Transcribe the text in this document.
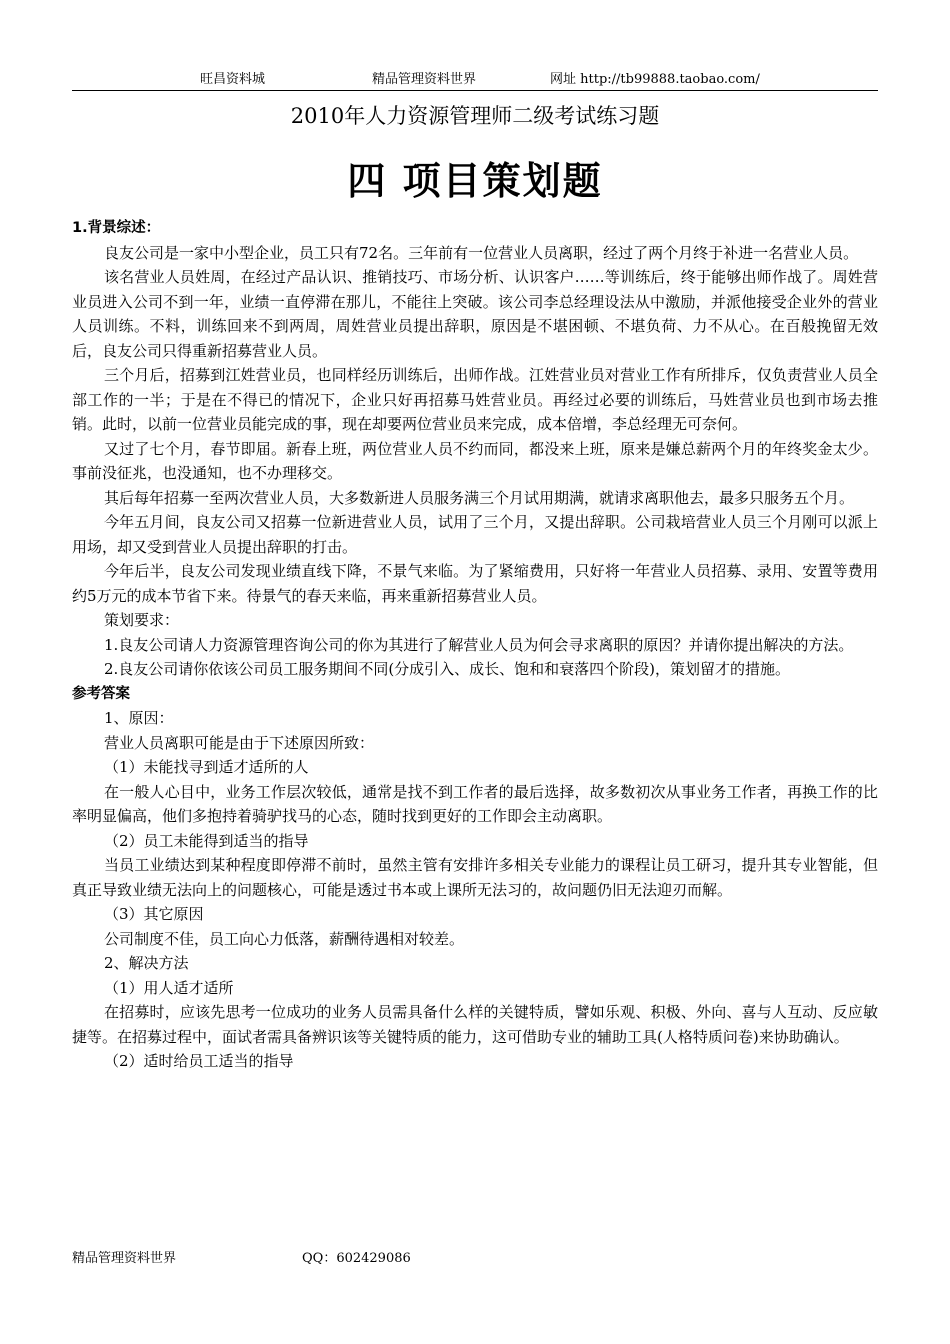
旺昌资料城	精品管理资料世界	网址 http://tb99888.taobao.com/
2010年人力资源管理师二级考试练习题
四 项目策划题

1.背景综述：

良友公司是一家中小型企业，员工只有72名。三年前有一位营业人员离职，经过了两个月终于补进一名营业人员。

该名营业人员姓周，在经过产品认识、推销技巧、市场分析、认识客户……等训练后，终于能够出师作战了。周姓营业员进入公司不到一年，业绩一直停滞在那儿，不能往上突破。该公司李总经理设法从中激励，并派他接受企业外的营业人员训练。不料，训练回来不到两周，周姓营业员提出辞职，原因是不堪困顿、不堪负荷、力不从心。在百般挽留无效后，良友公司只得重新招募营业人员。

三个月后，招募到江姓营业员，也同样经历训练后，出师作战。江姓营业员对营业工作有所排斥，仅负责营业人员全部工作的一半；于是在不得已的情况下，企业只好再招募马姓营业员。再经过必要的训练后，马姓营业员也到市场去推销。此时，以前一位营业员能完成的事，现在却要两位营业员来完成，成本倍增，李总经理无可奈何。

又过了七个月，春节即届。新春上班，两位营业人员不约而同，都没来上班，原来是嫌总薪两个月的年终奖金太少。事前没征兆，也没通知，也不办理移交。

其后每年招募一至两次营业人员，大多数新进人员服务满三个月试用期满，就请求离职他去，最多只服务五个月。

今年五月间，良友公司又招募一位新进营业人员，试用了三个月，又提出辞职。公司栽培营业人员三个月刚可以派上用场，却又受到营业人员提出辞职的打击。

今年后半，良友公司发现业绩直线下降，不景气来临。为了紧缩费用，只好将一年营业人员招募、录用、安置等费用约5万元的成本节省下来。待景气的春天来临，再来重新招募营业人员。

策划要求：

1.良友公司请人力资源管理咨询公司的你为其进行了解营业人员为何会寻求离职的原因？并请你提出解决的方法。

2.良友公司请你依该公司员工服务期间不同(分成引入、成长、饱和和衰落四个阶段)，策划留才的措施。

参考答案

1、原因：

营业人员离职可能是由于下述原因所致：

（1）未能找寻到适才适所的人

在一般人心目中，业务工作层次较低，通常是找不到工作者的最后选择，故多数初次从事业务工作者，再换工作的比率明显偏高，他们多抱持着骑驴找马的心态，随时找到更好的工作即会主动离职。

（2）员工未能得到适当的指导

当员工业绩达到某种程度即停滞不前时，虽然主管有安排许多相关专业能力的课程让员工研习，提升其专业智能，但真正导致业绩无法向上的问题核心，可能是透过书本或上课所无法习的，故问题仍旧无法迎刃而解。

（3）其它原因

公司制度不佳，员工向心力低落，薪酬待遇相对较差。

2、解决方法

（1）用人适才适所

在招募时，应该先思考一位成功的业务人员需具备什么样的关键特质，譬如乐观、积极、外向、喜与人互动、反应敏捷等。在招募过程中，面试者需具备辨识该等关键特质的能力，这可借助专业的辅助工具(人格特质问卷)来协助确认。

（2）适时给员工适当的指导

精品管理资料世界	QQ：602429086
